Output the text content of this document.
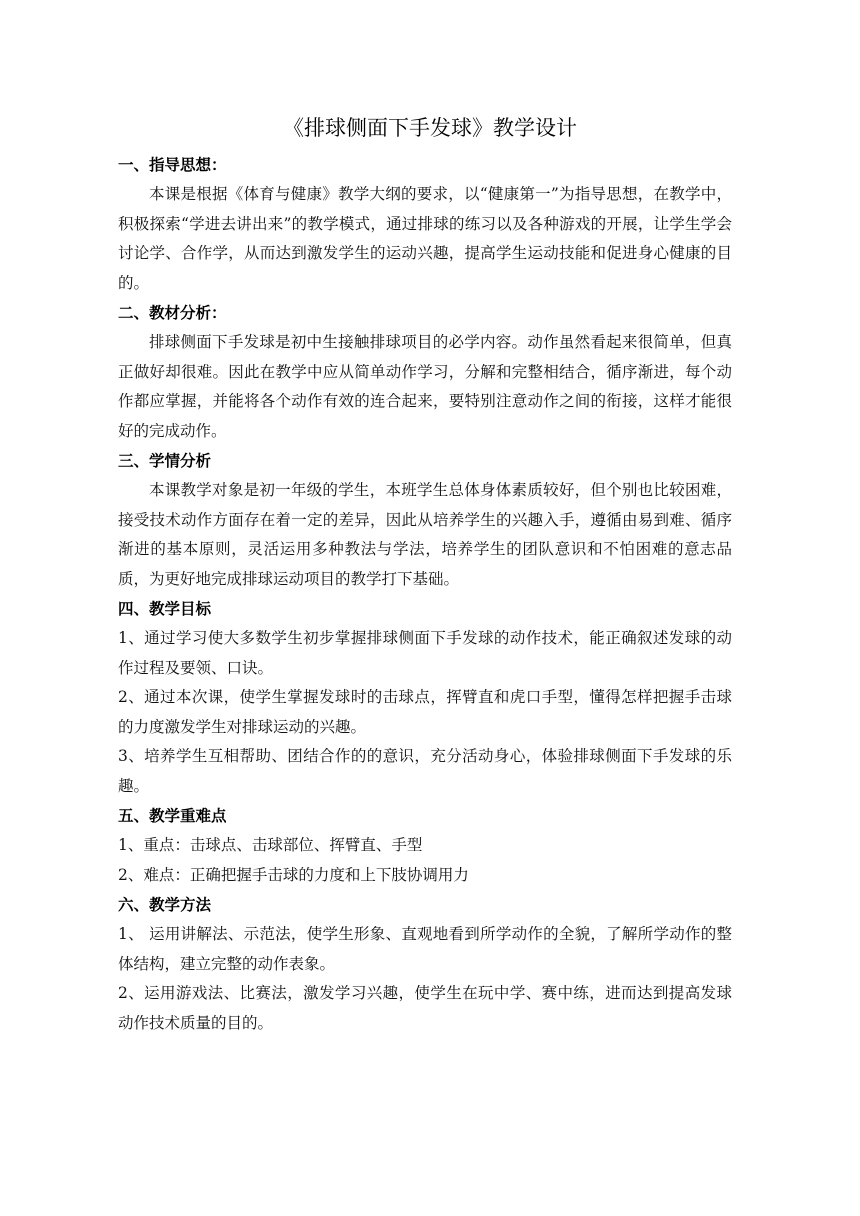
《排球侧面下手发球》教学设计
一、指导思想：
本课是根据《体育与健康》教学大纲的要求，以“健康第一”为指导思想，在教学中，积极探索“学进去讲出来”的教学模式，通过排球的练习以及各种游戏的开展，让学生学会讨论学、合作学，从而达到激发学生的运动兴趣，提高学生运动技能和促进身心健康的目的。
二、教材分析：
排球侧面下手发球是初中生接触排球项目的必学内容。动作虽然看起来很简单，但真正做好却很难。因此在教学中应从简单动作学习，分解和完整相结合，循序渐进，每个动作都应掌握，并能将各个动作有效的连合起来，要特别注意动作之间的衔接，这样才能很好的完成动作。
三、学情分析
本课教学对象是初一年级的学生，本班学生总体身体素质较好，但个别也比较困难，接受技术动作方面存在着一定的差异，因此从培养学生的兴趣入手，遵循由易到难、循序渐进的基本原则，灵活运用多种教法与学法，培养学生的团队意识和不怕困难的意志品质，为更好地完成排球运动项目的教学打下基础。
四、教学目标
1、通过学习使大多数学生初步掌握排球侧面下手发球的动作技术，能正确叙述发球的动作过程及要领、口诀。
2、通过本次课，使学生掌握发球时的击球点，挥臂直和虎口手型，懂得怎样把握手击球的力度激发学生对排球运动的兴趣。
3、培养学生互相帮助、团结合作的的意识，充分活动身心，体验排球侧面下手发球的乐趣。
五、教学重难点
1、重点：击球点、击球部位、挥臂直、手型
2、难点：正确把握手击球的力度和上下肢协调用力
六、教学方法
1、 运用讲解法、示范法，使学生形象、直观地看到所学动作的全貌，了解所学动作的整体结构，建立完整的动作表象。
2、运用游戏法、比赛法，激发学习兴趣，使学生在玩中学、赛中练，进而达到提高发球动作技术质量的目的。
